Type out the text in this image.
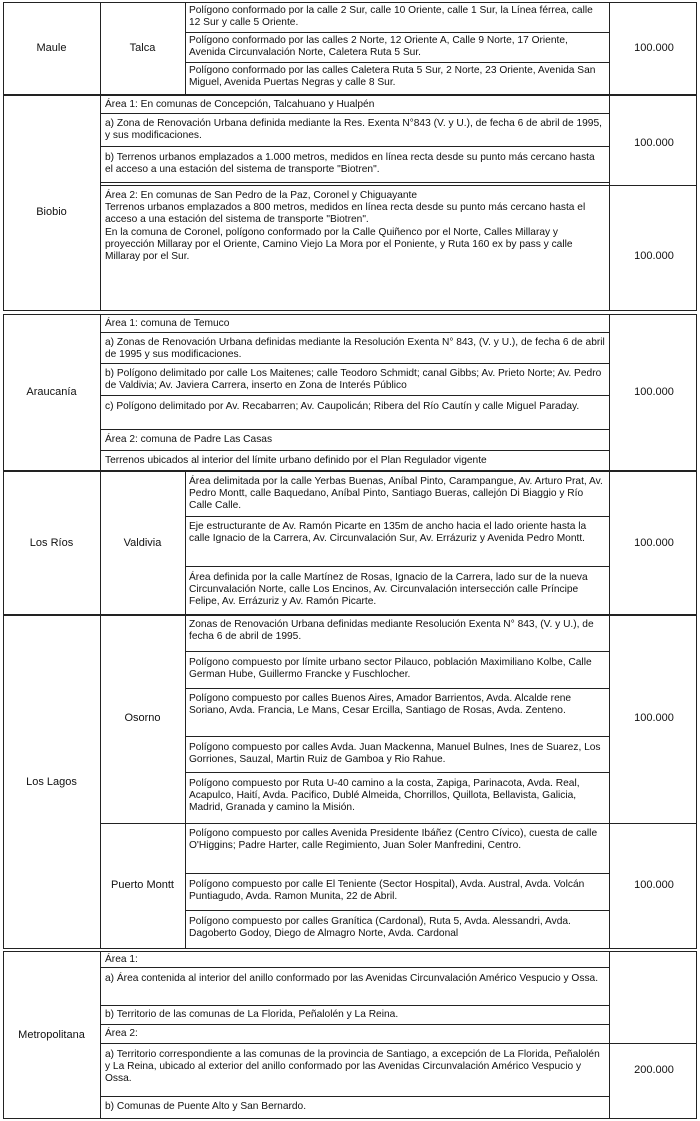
Maule	Talca
Polígono conformado por la calle 2 Sur, calle 10 Oriente, calle 1 Sur, la Línea férrea, calle 12 Sur y calle 5 Oriente.
Polígono conformado por las calles 2 Norte, 12 Oriente A, Calle 9 Norte, 17 Oriente, Avenida Circunvalación Norte, Caletera Ruta 5 Sur.
Polígono conformado por las calles Caletera Ruta 5 Sur, 2 Norte, 23 Oriente, Avenida San Miguel, Avenida Puertas Negras y calle 8 Sur.
100.000
Biobio
Área 1: En comunas de Concepción, Talcahuano y Hualpén
a) Zona de Renovación Urbana definida mediante la Res. Exenta N°843 (V. y U.), de fecha 6 de abril de 1995, y sus modificaciones.
b) Terrenos urbanos emplazados a 1.000 metros, medidos en línea recta desde su punto más cercano hasta el acceso a una estación del sistema de transporte "Biotren".
Área 2: En comunas de San Pedro de la Paz, Coronel y Chiguayante
Terrenos urbanos emplazados a 800 metros, medidos en línea recta desde su punto más cercano hasta el acceso a una estación del sistema de transporte "Biotren".
En la comuna de Coronel, polígono conformado por la Calle Quiñenco por el Norte, Calles Millaray y proyección Millaray por el Oriente, Camino Viejo La Mora por el Poniente, y Ruta 160 ex by pass y calle Millaray por el Sur.
100.000
100.000
Araucanía
Área 1: comuna de Temuco
a) Zonas de Renovación Urbana definidas mediante la Resolución Exenta N° 843, (V. y U.), de fecha 6 de abril de 1995 y sus modificaciones.
b) Polígono delimitado por calle Los Maitenes; calle Teodoro Schmidt; canal Gibbs; Av. Prieto Norte; Av. Pedro de Valdivia; Av. Javiera Carrera, inserto en Zona de Interés Público
c) Polígono delimitado por Av. Recabarren; Av. Caupolicán; Ribera del Río Cautín y calle Miguel Paraday.
Área 2: comuna de Padre Las Casas
Terrenos ubicados al interior del límite urbano definido por el Plan Regulador vigente
100.000
Los Ríos	Valdivia
Área delimitada por la calle Yerbas Buenas, Aníbal Pinto, Carampangue, Av. Arturo Prat, Av. Pedro Montt, calle Baquedano, Aníbal Pinto, Santiago Bueras, callejón Di Biaggio y Río Calle Calle.
Eje estructurante de Av. Ramón Picarte en 135m de ancho hacia el lado oriente hasta la calle Ignacio de la Carrera, Av. Circunvalación Sur, Av. Errázuriz y Avenida Pedro Montt.
Área definida por la calle Martínez de Rosas, Ignacio de la Carrera, lado sur de la nueva Circunvalación Norte, calle Los Encinos, Av. Circunvalación intersección calle Príncipe Felipe, Av. Errázuriz y Av. Ramón Picarte.
100.000
Los Lagos
Osorno
Zonas de Renovación Urbana definidas mediante Resolución Exenta N° 843, (V. y U.), de fecha 6 de abril de 1995.
Polígono compuesto por límite urbano sector Pilauco, población Maximiliano Kolbe, Calle German Hube, Guillermo Francke y Fuschlocher.
Polígono compuesto por calles Buenos Aires, Amador Barrientos, Avda. Alcalde rene Soriano, Avda. Francia, Le Mans, Cesar Ercilla, Santiago de Rosas, Avda. Zenteno.
Polígono compuesto por calles Avda. Juan Mackenna, Manuel Bulnes, Ines de Suarez, Los Gorriones, Sauzal, Martin Ruiz de Gamboa y Rio Rahue.
Polígono compuesto por Ruta U-40 camino a la costa, Zapiga, Parinacota, Avda. Real, Acapulco, Haití, Avda. Pacifico, Dublé Almeida, Chorrillos, Quillota, Bellavista, Galicia, Madrid, Granada y camino la Misión.
100.000
Puerto Montt
Polígono compuesto por calles Avenida Presidente Ibáñez (Centro Cívico), cuesta de calle O'Higgins; Padre Harter, calle Regimiento, Juan Soler Manfredini, Centro.
Polígono compuesto por calle El Teniente (Sector Hospital), Avda. Austral, Avda. Volcán Puntiagudo, Avda. Ramon Munita, 22 de Abril.
Polígono compuesto por calles Granítica (Cardonal), Ruta 5, Avda. Alessandri, Avda. Dagoberto Godoy, Diego de Almagro Norte, Avda. Cardonal
100.000
Metropolitana
Área 1:
a) Área contenida al interior del anillo conformado por las Avenidas Circunvalación Américo Vespucio y Ossa.
b) Territorio de las comunas de La Florida, Peñalolén y La Reina.
Área 2:
a) Territorio correspondiente a las comunas de la provincia de Santiago, a excepción de La Florida, Peñalolén y La Reina, ubicado al exterior del anillo conformado por las Avenidas Circunvalación Américo Vespucio y Ossa.
b) Comunas de Puente Alto y San Bernardo.
200.000
